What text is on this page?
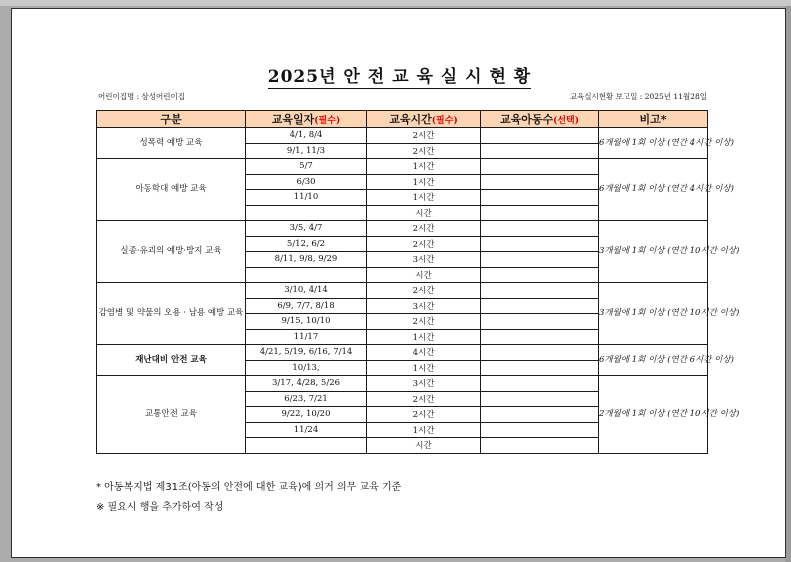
2025년 안 전 교 육 실 시 현 황
어린이집명 : 삼성어린이집	교육실시현황 보고일 : 2025년 11월28일
구분	교육일자(필수)	교육시간(필수)	교육아동수(선택)	비고*
성폭력 예방 교육	4/1, 8/4	2시간		6개월에 1회 이상 (연간 4시간 이상)
	9/1, 11/3	2시간		
아동학대 예방 교육	5/7	1시간		6개월에 1회 이상 (연간 4시간 이상)
	6/30	1시간		
	11/10	1시간		
		시간		
실종·유괴의 예방·방지 교육	3/5, 4/7	2시간		3개월에 1회 이상 (연간 10시간 이상)
	5/12, 6/2	2시간		
	8/11, 9/8, 9/29	3시간		
		시간		
감염병 및 약물의 오용 · 남용 예방 교육	3/10, 4/14	2시간		3개월에 1회 이상 (연간 10시간 이상)
	6/9, 7/7, 8/18	3시간		
	9/15, 10/10	2시간		
	11/17	1시간		
재난대비 안전 교육	4/21, 5/19, 6/16, 7/14	4시간		6개월에 1회 이상 (연간 6시간 이상)
	10/13,	1시간		
교통안전 교육	3/17, 4/28, 5/26	3시간		2개월에 1회 이상 (연간 10시간 이상)
	6/23, 7/21	2시간		
	9/22, 10/20	2시간		
	11/24	1시간		
		시간		
* 아동복지법 제31조(아동의 안전에 대한 교육)에 의거 의무 교육 기준
※ 필요시 행을 추가하여 작성
